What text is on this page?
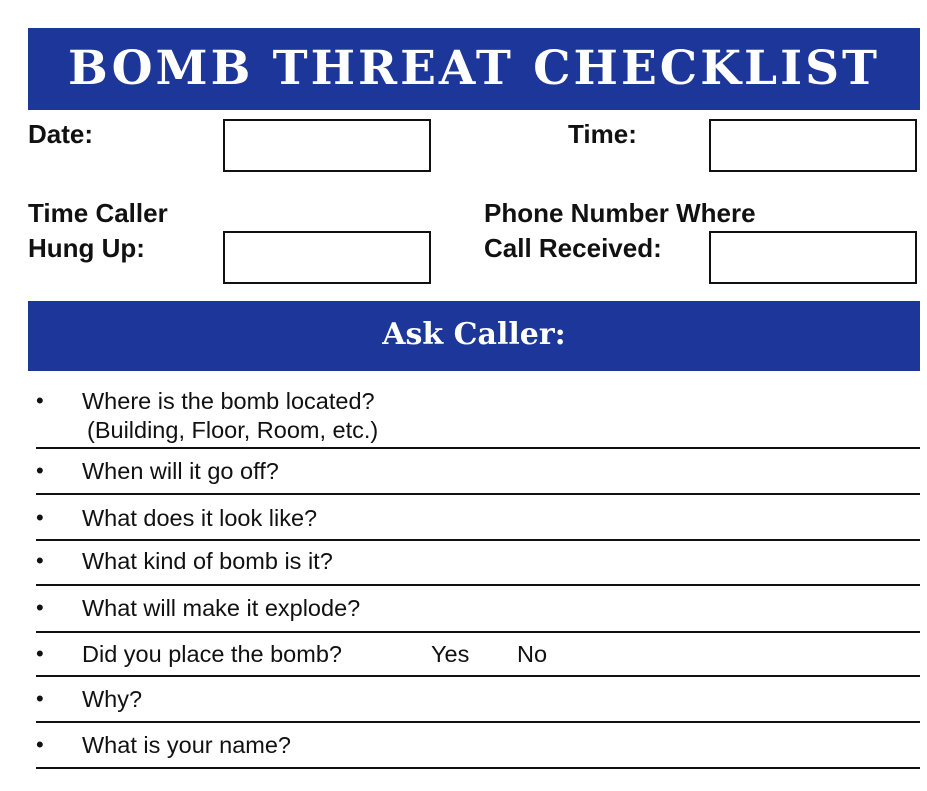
BOMB THREAT CHECKLIST
Date:	Time:
Time Caller
Hung Up:
Phone Number Where
Call Received:
Ask Caller:
• Where is the bomb located?
(Building, Floor, Room, etc.)
• When will it go off?
• What does it look like?
• What kind of bomb is it?
• What will make it explode?
• Did you place the bomb?	Yes No
• Why?
• What is your name?
